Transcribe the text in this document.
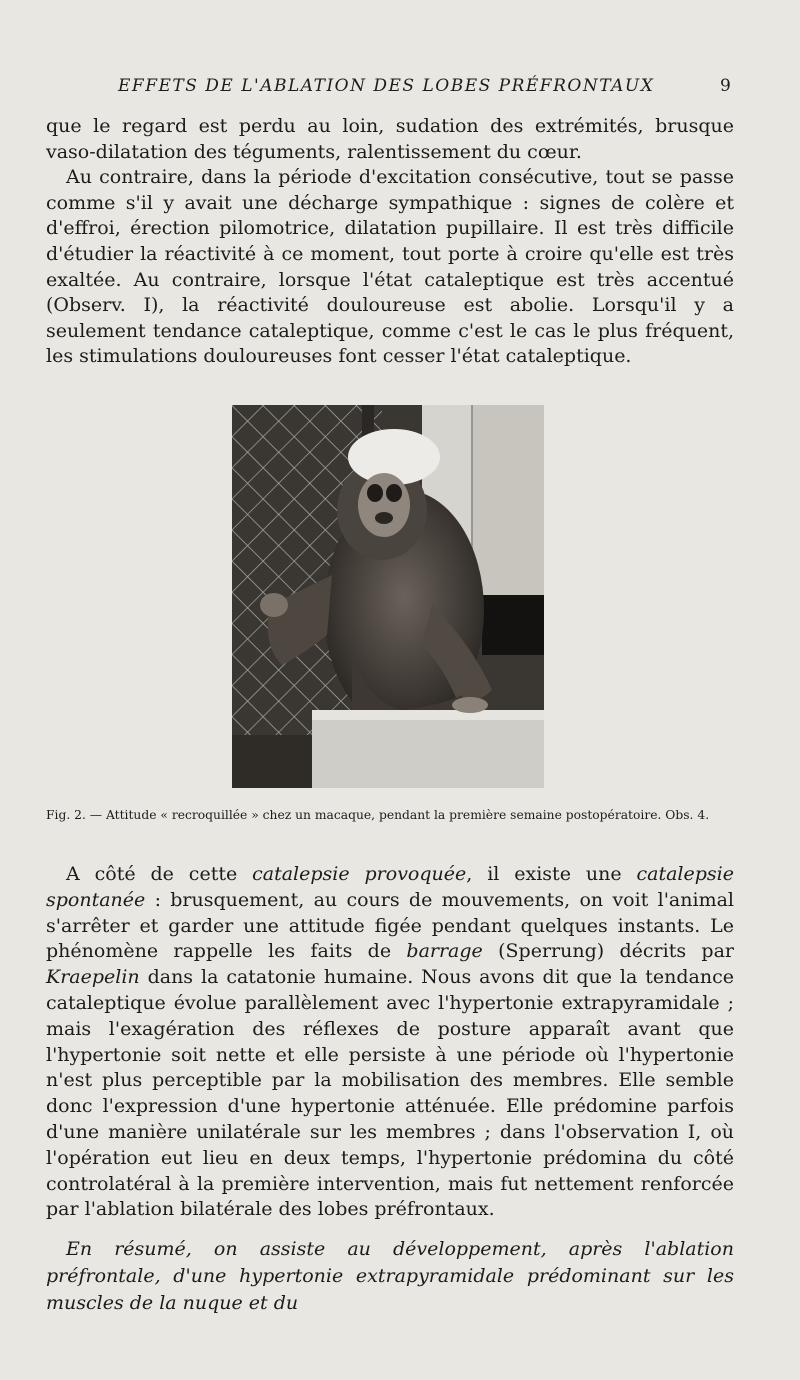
EFFETS DE L'ABLATION DES LOBES PRÉFRONTAUX	9

que le regard est perdu au loin, sudation des extrémités, brusque vaso-dilatation des téguments, ralentissement du cœur.

Au contraire, dans la période d'excitation consécutive, tout se passe comme s'il y avait une décharge sympathique : signes de colère et d'effroi, érection pilomotrice, dilatation pupillaire. Il est très difficile d'étudier la réactivité à ce moment, tout porte à croire qu'elle est très exaltée. Au contraire, lorsque l'état cataleptique est très accentué (Observ. I), la réactivité douloureuse est abolie. Lorsqu'il y a seulement tendance cataleptique, comme c'est le cas le plus fréquent, les stimulations douloureuses font cesser l'état cataleptique.
Fig. 2. — Attitude « recroquillée » chez un macaque, pendant la première semaine postopératoire. Obs. 4.

A côté de cette catalepsie provoquée, il existe une catalepsie spontanée : brusquement, au cours de mouvements, on voit l'animal s'arrêter et garder une attitude figée pendant quelques instants. Le phénomène rappelle les faits de barrage (Sperrung) décrits par Kraepelin dans la catatonie humaine. Nous avons dit que la tendance cataleptique évolue parallèlement avec l'hypertonie extrapyramidale ; mais l'exagération des réflexes de posture apparaît avant que l'hypertonie soit nette et elle persiste à une période où l'hypertonie n'est plus perceptible par la mobilisation des membres. Elle semble donc l'expression d'une hypertonie atténuée. Elle prédomine parfois d'une manière unilatérale sur les membres ; dans l'observation I, où l'opération eut lieu en deux temps, l'hypertonie prédomina du côté controlatéral à la première intervention, mais fut nettement renforcée par l'ablation bilatérale des lobes préfrontaux.

En résumé, on assiste au développement, après l'ablation préfrontale, d'une hypertonie extrapyramidale prédominant sur les muscles de la nuque et du
